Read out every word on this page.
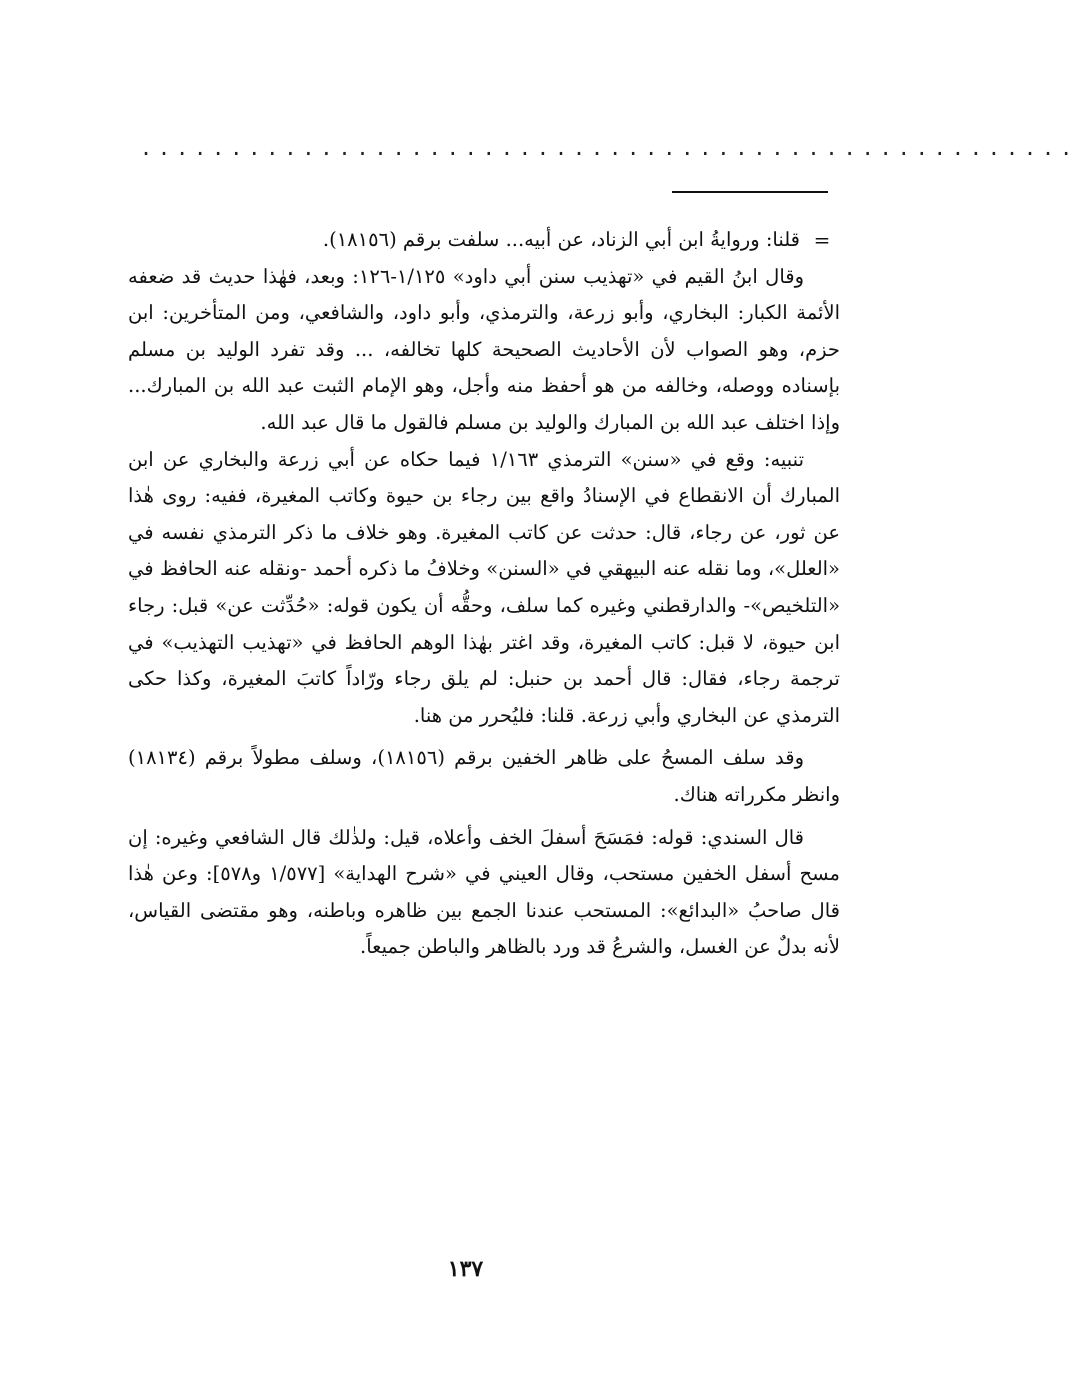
....................................................
=

قلنا: وروايةُ ابن أبي الزناد، عن أبيه... سلفت برقم (١٨١٥٦).

وقال ابنُ القيم في «تهذيب سنن أبي داود» ١/١٢٥-١٢٦: وبعد، فهٰذا حديث قد ضعفه الأئمة الكبار: البخاري، وأبو زرعة، والترمذي، وأبو داود، والشافعي، ومن المتأخرين: ابن حزم، وهو الصواب لأن الأحاديث الصحيحة كلها تخالفه، ... وقد تفرد الوليد بن مسلم بإسناده ووصله، وخالفه من هو أحفظ منه وأجل، وهو الإمام الثبت عبد الله بن المبارك... وإذا اختلف عبد الله بن المبارك والوليد بن مسلم فالقول ما قال عبد الله.

تنبيه: وقع في «سنن» الترمذي ١/١٦٣ فيما حكاه عن أبي زرعة والبخاري عن ابن المبارك أن الانقطاع في الإسنادُ واقع بين رجاء بن حيوة وكاتب المغيرة، ففيه: روى هٰذا عن ثور، عن رجاء، قال: حدثت عن كاتب المغيرة. وهو خلاف ما ذكر الترمذي نفسه في «العلل»، وما نقله عنه البيهقي في «السنن» وخلافُ ما ذكره أحمد -ونقله عنه الحافظ في «التلخيص»- والدارقطني وغيره كما سلف، وحقُّه أن يكون قوله: «حُدِّثت عن» قبل: رجاء ابن حيوة، لا قبل: كاتب المغيرة، وقد اغتر بهٰذا الوهم الحافظ في «تهذيب التهذيب» في ترجمة رجاء، فقال: قال أحمد بن حنبل: لم يلق رجاء ورّاداً كاتبَ المغيرة، وكذا حكى الترمذي عن البخاري وأبي زرعة. قلنا: فليُحرر من هنا.

وقد سلف المسحُ على ظاهر الخفين برقم (١٨١٥٦)، وسلف مطولاً برقم (١٨١٣٤) وانظر مكرراته هناك.

قال السندي: قوله: فمَسَحَ أسفلَ الخف وأعلاه، قيل: ولذٰلك قال الشافعي وغيره: إن مسح أسفل الخفين مستحب، وقال العيني في «شرح الهداية» [١/٥٧٧ و٥٧٨]: وعن هٰذا قال صاحبُ «البدائع»: المستحب عندنا الجمع بين ظاهره وباطنه، وهو مقتضى القياس، لأنه بدلٌ عن الغسل، والشرعُ قد ورد بالظاهر والباطن جميعاً.

١٣٧
